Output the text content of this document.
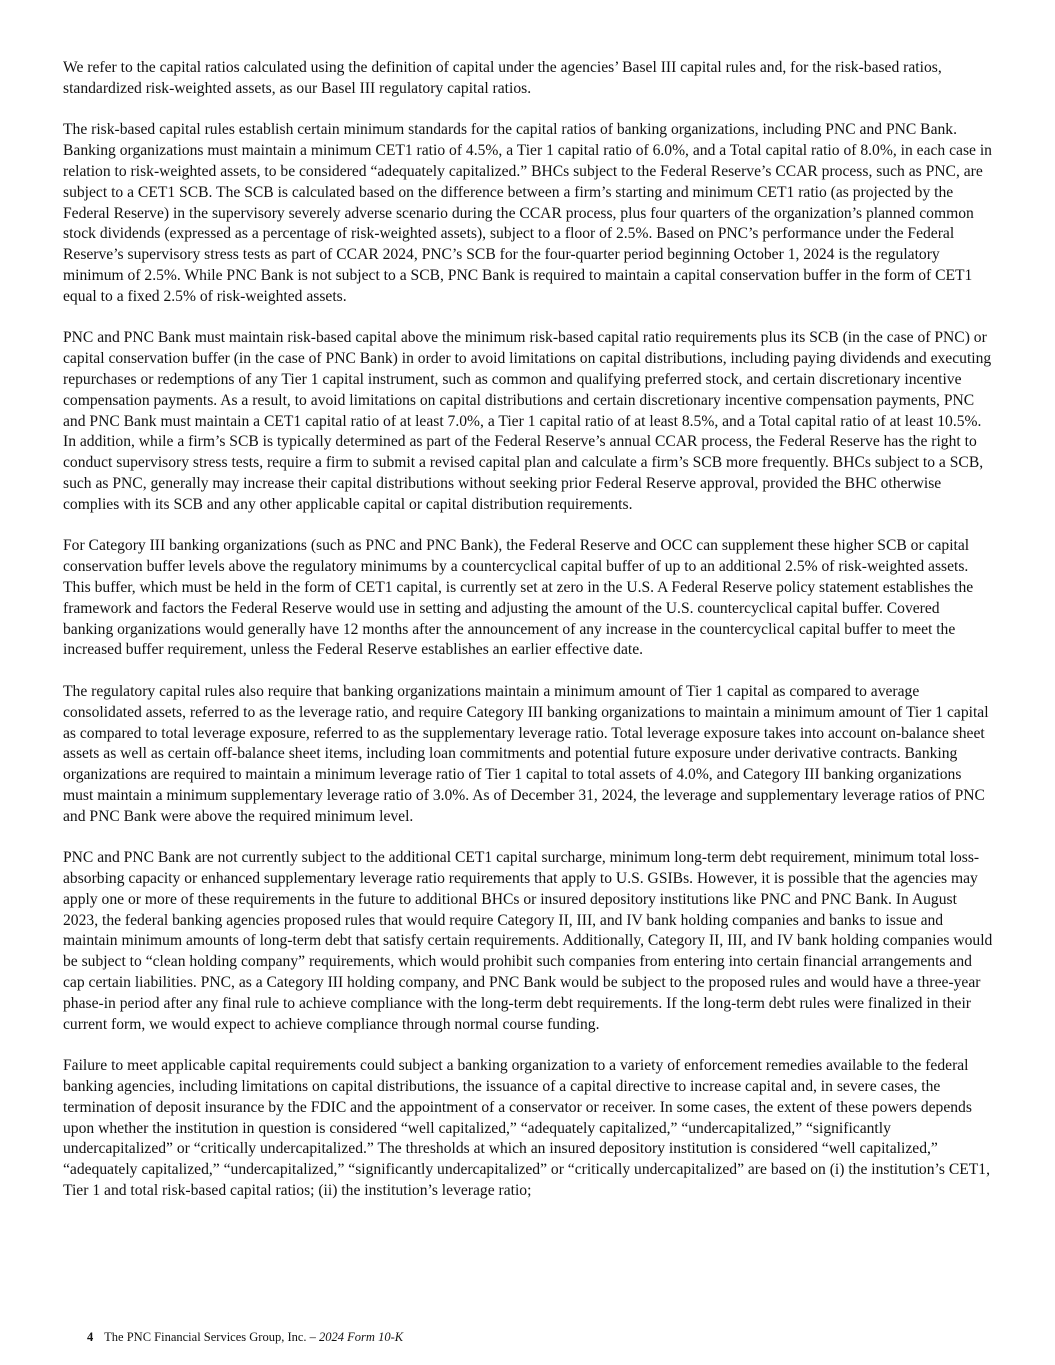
We refer to the capital ratios calculated using the definition of capital under the agencies’ Basel III capital rules and, for the risk-based ratios, standardized risk-weighted assets, as our Basel III regulatory capital ratios.

The risk-based capital rules establish certain minimum standards for the capital ratios of banking organizations, including PNC and PNC Bank. Banking organizations must maintain a minimum CET1 ratio of 4.5%, a Tier 1 capital ratio of 6.0%, and a Total capital ratio of 8.0%, in each case in relation to risk-weighted assets, to be considered “adequately capitalized.” BHCs subject to the Federal Reserve’s CCAR process, such as PNC, are subject to a CET1 SCB. The SCB is calculated based on the difference between a firm’s starting and minimum CET1 ratio (as projected by the Federal Reserve) in the supervisory severely adverse scenario during the CCAR process, plus four quarters of the organization’s planned common stock dividends (expressed as a percentage of risk-weighted assets), subject to a floor of 2.5%. Based on PNC’s performance under the Federal Reserve’s supervisory stress tests as part of CCAR 2024, PNC’s SCB for the four-quarter period beginning October 1, 2024 is the regulatory minimum of 2.5%. While PNC Bank is not subject to a SCB, PNC Bank is required to maintain a capital conservation buffer in the form of CET1 equal to a fixed 2.5% of risk-weighted assets.

PNC and PNC Bank must maintain risk-based capital above the minimum risk-based capital ratio requirements plus its SCB (in the case of PNC) or capital conservation buffer (in the case of PNC Bank) in order to avoid limitations on capital distributions, including paying dividends and executing repurchases or redemptions of any Tier 1 capital instrument, such as common and qualifying preferred stock, and certain discretionary incentive compensation payments. As a result, to avoid limitations on capital distributions and certain discretionary incentive compensation payments, PNC and PNC Bank must maintain a CET1 capital ratio of at least 7.0%, a Tier 1 capital ratio of at least 8.5%, and a Total capital ratio of at least 10.5%. In addition, while a firm’s SCB is typically determined as part of the Federal Reserve’s annual CCAR process, the Federal Reserve has the right to conduct supervisory stress tests, require a firm to submit a revised capital plan and calculate a firm’s SCB more frequently. BHCs subject to a SCB, such as PNC, generally may increase their capital distributions without seeking prior Federal Reserve approval, provided the BHC otherwise complies with its SCB and any other applicable capital or capital distribution requirements.

For Category III banking organizations (such as PNC and PNC Bank), the Federal Reserve and OCC can supplement these higher SCB or capital conservation buffer levels above the regulatory minimums by a countercyclical capital buffer of up to an additional 2.5% of risk-weighted assets. This buffer, which must be held in the form of CET1 capital, is currently set at zero in the U.S. A Federal Reserve policy statement establishes the framework and factors the Federal Reserve would use in setting and adjusting the amount of the U.S. countercyclical capital buffer. Covered banking organizations would generally have 12 months after the announcement of any increase in the countercyclical capital buffer to meet the increased buffer requirement, unless the Federal Reserve establishes an earlier effective date.

The regulatory capital rules also require that banking organizations maintain a minimum amount of Tier 1 capital as compared to average consolidated assets, referred to as the leverage ratio, and require Category III banking organizations to maintain a minimum amount of Tier 1 capital as compared to total leverage exposure, referred to as the supplementary leverage ratio. Total leverage exposure takes into account on-balance sheet assets as well as certain off-balance sheet items, including loan commitments and potential future exposure under derivative contracts. Banking organizations are required to maintain a minimum leverage ratio of Tier 1 capital to total assets of 4.0%, and Category III banking organizations must maintain a minimum supplementary leverage ratio of 3.0%. As of December 31, 2024, the leverage and supplementary leverage ratios of PNC and PNC Bank were above the required minimum level.

PNC and PNC Bank are not currently subject to the additional CET1 capital surcharge, minimum long-term debt requirement, minimum total loss-absorbing capacity or enhanced supplementary leverage ratio requirements that apply to U.S. GSIBs. However, it is possible that the agencies may apply one or more of these requirements in the future to additional BHCs or insured depository institutions like PNC and PNC Bank. In August 2023, the federal banking agencies proposed rules that would require Category II, III, and IV bank holding companies and banks to issue and maintain minimum amounts of long-term debt that satisfy certain requirements. Additionally, Category II, III, and IV bank holding companies would be subject to “clean holding company” requirements, which would prohibit such companies from entering into certain financial arrangements and cap certain liabilities. PNC, as a Category III holding company, and PNC Bank would be subject to the proposed rules and would have a three-year phase-in period after any final rule to achieve compliance with the long-term debt requirements. If the long-term debt rules were finalized in their current form, we would expect to achieve compliance through normal course funding.

Failure to meet applicable capital requirements could subject a banking organization to a variety of enforcement remedies available to the federal banking agencies, including limitations on capital distributions, the issuance of a capital directive to increase capital and, in severe cases, the termination of deposit insurance by the FDIC and the appointment of a conservator or receiver. In some cases, the extent of these powers depends upon whether the institution in question is considered “well capitalized,” “adequately capitalized,” “undercapitalized,” “significantly undercapitalized” or “critically undercapitalized.” The thresholds at which an insured depository institution is considered “well capitalized,” “adequately capitalized,” “undercapitalized,” “significantly undercapitalized” or “critically undercapitalized” are based on (i) the institution’s CET1, Tier 1 and total risk-based capital ratios; (ii) the institution’s leverage ratio;

4 The PNC Financial Services Group, Inc. – 2024 Form 10-K
